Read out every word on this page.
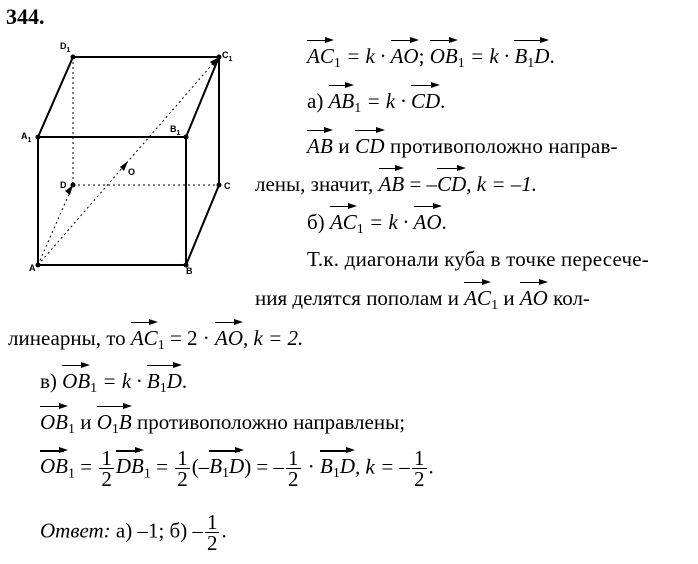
344.
$D_1$	$C_1$
$A_1$
$B_1$
D	C
O
A	B
$AC_1 = k$ · AO; $OB_1 = k \cdot B_1D$.
а) $AB_1 = k$ · CD.
AB и CD противоположно направ-
лены, значит, AB = –CD, k = –1.
б) $AC_1 = k$ · AO.
Т.к. диагонали куба в точке пересече-
ния делятся пополам и $AC_1$ и AO кол-
линеарны, то $AC_1 = 2$ · AO, k = 2.
в) $OB_1 = k \cdot B_1D$.
$OB_1$ и $O_1B$ противоположно направлены;
$OB_1 = \frac{1}{2} DB_1 = \frac{1}{2} (-B_1D)$ = – $\frac{1}{2} \cdot B_1D$, k = – $\frac{1}{2}$ .
Ответ: а) –1; $б) - \frac{1}{2}$ .
